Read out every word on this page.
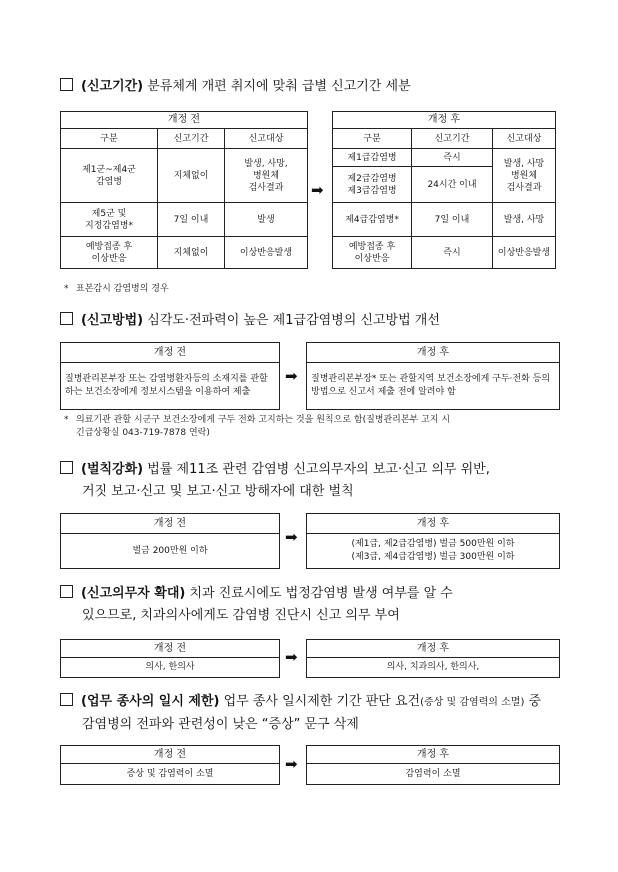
(신고기간) 분류체계 개편 취지에 맞춰 급별 신고기간 세분
개정 전		
구분	신고기간	신고대상
제1군~제4군
감염병	지체없이	발생, 사망,
병원체
검사결과
제5군 및
지정감염병*	7일 이내	발생
예방접종 후
이상반응	지체없이	이상반응발생
➡
개정 후		
구분	신고기간	신고대상
제1급감염병	즉시	발생, 사망
병원체
검사결과
제2급감염병
제3급감염병	24시간 이내	
제4급감염병*	7일 이내	발생, 사망
예방접종 후
이상반응	즉시	이상반응발생
* 표본감시 감염병의 경우
(신고방법) 심각도·전파력이 높은 제1급감염병의 신고방법 개선
개정 전
질병관리본부장 또는 감염병환자등의 소재지를 관할하는 보건소장에게 정보시스템을 이용하여 제출
➡
개정 후
질병관리본부장* 또는 관할지역 보건소장에게 구두·전화 등의 방법으로 신고서 제출 전에 알려야 함
* 의료기관 관할 시군구 보건소장에게 구두 전화 고지하는 것을 원칙으로 함(질병관리본부 고지 시
긴급상황실 043-719-7878 연락)
(벌칙강화) 법률 제11조 관련 감염병 신고의무자의 보고·신고 의무 위반,
거짓 보고·신고 및 보고·신고 방해자에 대한 벌칙
개정 전
벌금 200만원 이하
➡
개정 후
(제1급, 제2급감염병) 벌금 500만원 이하
(제3급, 제4급감염병) 벌금 300만원 이하
(신고의무자 확대) 치과 진료시에도 법정감염병 발생 여부를 알 수
있으므로, 치과의사에게도 감염병 진단시 신고 의무 부여
개정 전
의사, 한의사
➡	개정 후
의사, 치과의사, 한의사,
(업무 종사의 일시 제한) 업무 종사 일시제한 기간 판단 요건(증상 및 감염력의 소멸) 중
감염병의 전파와 관련성이 낮은 “증상” 문구 삭제
개정 전
증상 및 감염력이 소멸
➡
개정 후
감염력이 소멸
